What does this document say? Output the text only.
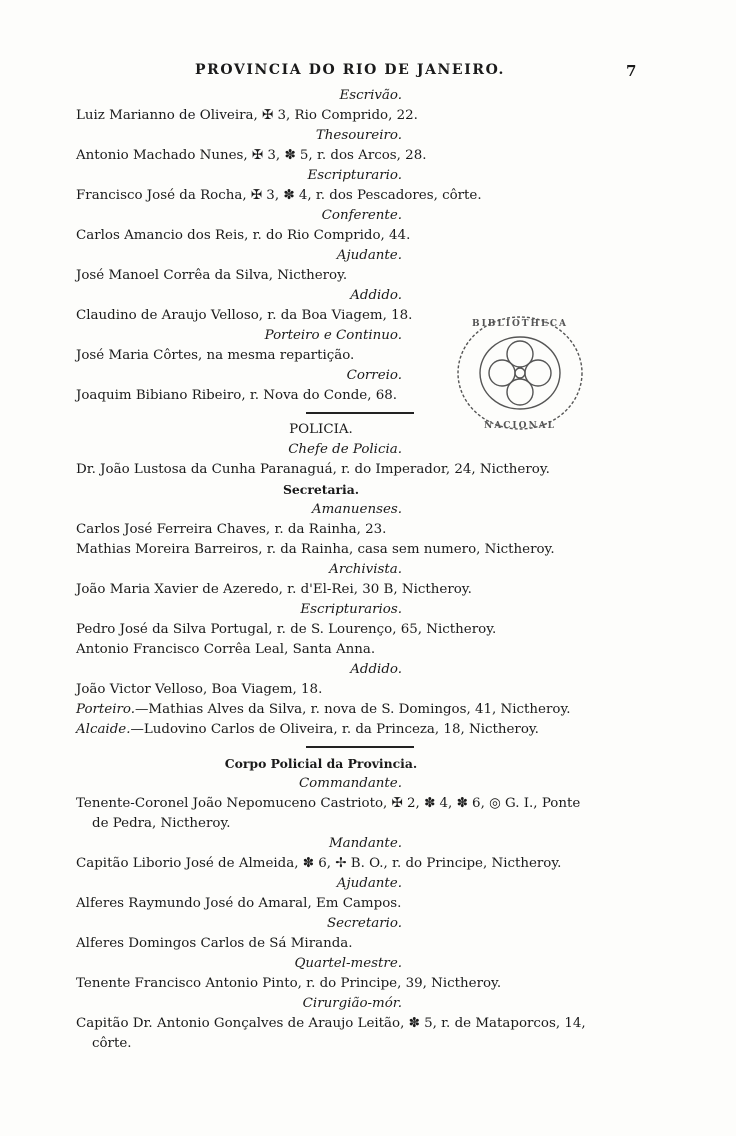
PROVINCIA DO RIO DE JANEIRO.	7
Escrivão.
Luiz Marianno de Oliveira, ✠ 3, Rio Comprido, 22.
Thesoureiro.
Antonio Machado Nunes, ✠ 3, ✽ 5, r. dos Arcos, 28.
Escripturario.
Francisco José da Rocha, ✠ 3, ✽ 4, r. dos Pescadores, côrte.
Conferente.
Carlos Amancio dos Reis, r. do Rio Comprido, 44.
Ajudante.
José Manoel Corrêa da Silva, Nictheroy.
Addido.
Claudino de Araujo Velloso, r. da Boa Viagem, 18.
Porteiro e Continuo.
José Maria Côrtes, na mesma repartição.
Correio.
Joaquim Bibiano Ribeiro, r. Nova do Conde, 68.
POLICIA.
Chefe de Policia.
Dr. João Lustosa da Cunha Paranaguá, r. do Imperador, 24, Nictheroy.
Secretaria.
Amanuenses.
Carlos José Ferreira Chaves, r. da Rainha, 23.
Mathias Moreira Barreiros, r. da Rainha, casa sem numero, Nictheroy.
Archivista.
João Maria Xavier de Azeredo, r. d'El-Rei, 30 B, Nictheroy.
Escripturarios.
Pedro José da Silva Portugal, r. de S. Lourenço, 65, Nictheroy.
Antonio Francisco Corrêa Leal, Santa Anna.
Addido.
João Victor Velloso, Boa Viagem, 18.
Porteiro.—Mathias Alves da Silva, r. nova de S. Domingos, 41, Nictheroy.
Alcaide.—Ludovino Carlos de Oliveira, r. da Princeza, 18, Nictheroy.
Corpo Policial da Provincia.
Commandante.
Tenente-Coronel João Nepomuceno Castrioto, ✠ 2, ✽ 4, ✽ 6, ◎ G. I., Ponte
de Pedra, Nictheroy.
Mandante.
Capitão Liborio José de Almeida, ✽ 6, ✢ B. O., r. do Principe, Nictheroy.
Ajudante.
Alferes Raymundo José do Amaral, Em Campos.
Secretario.
Alferes Domingos Carlos de Sá Miranda.
Quartel-mestre.
Tenente Francisco Antonio Pinto, r. do Principe, 39, Nictheroy.
Cirurgião-mór.
Capitão Dr. Antonio Gonçalves de Araujo Leitão, ✽ 5, r. de Mataporcos, 14,
côrte.
BIBLIOTHECA
NACIONAL
